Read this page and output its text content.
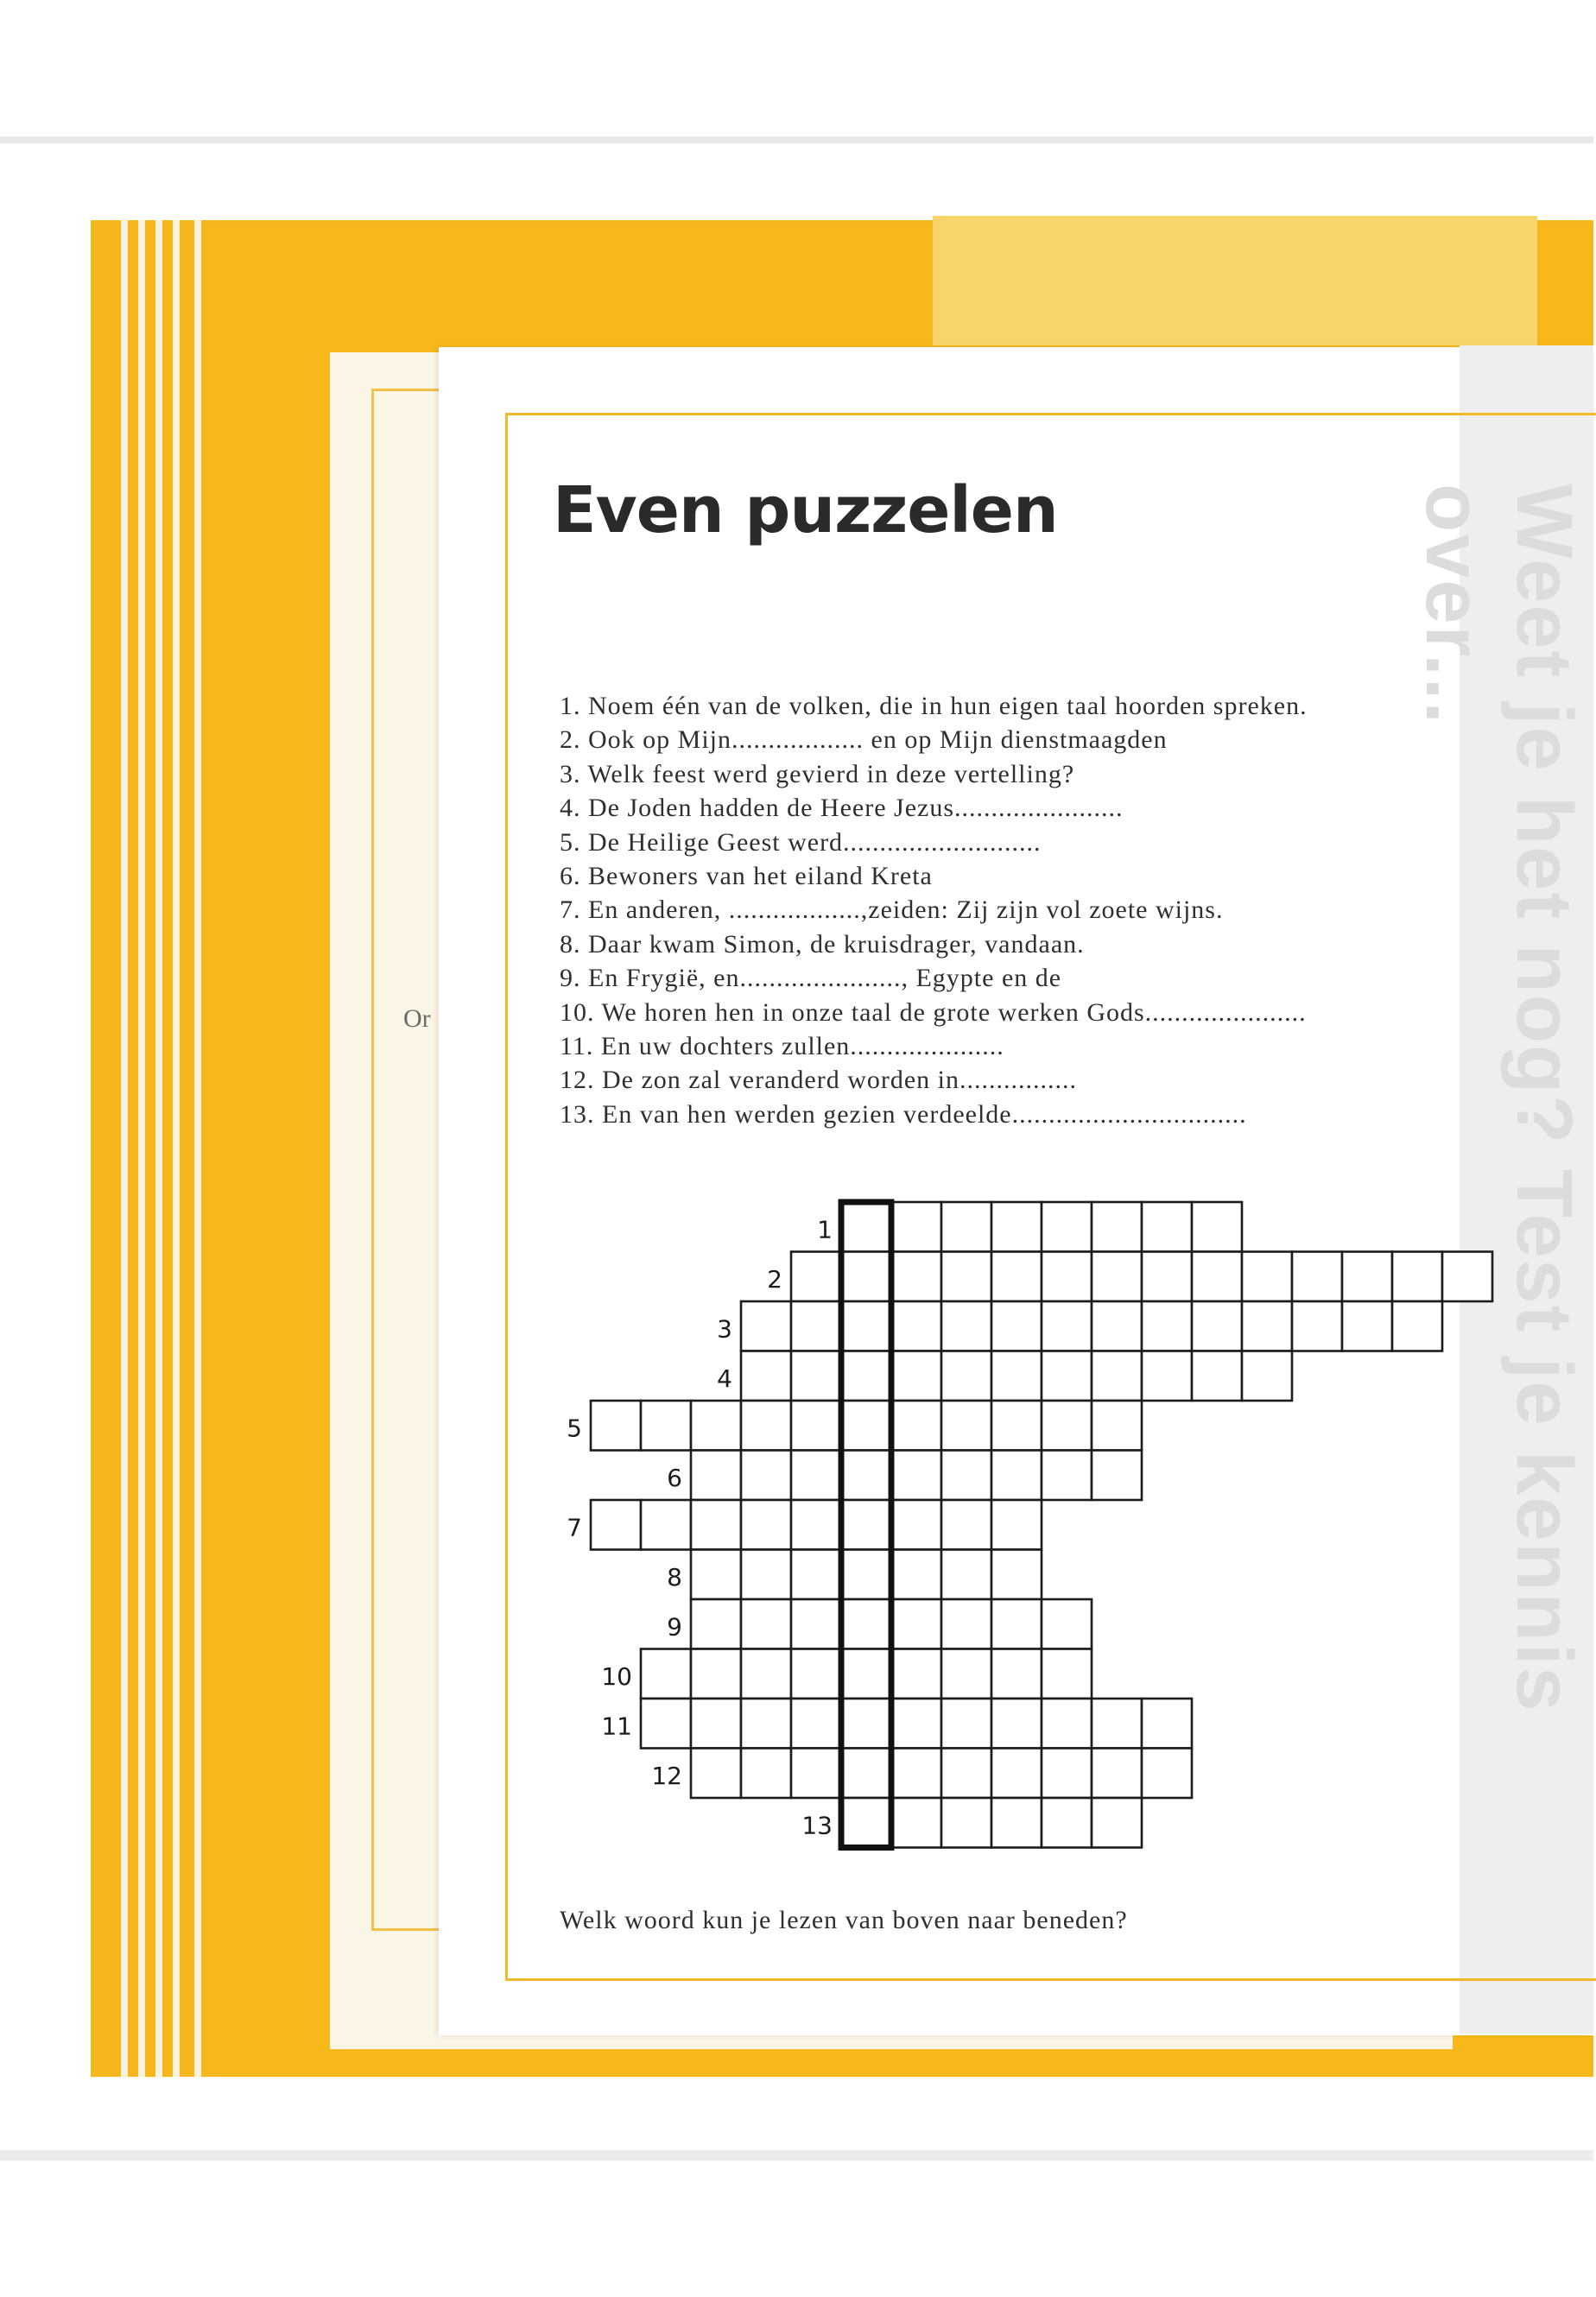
Or	Weet je het nog? Test je kennis over...
Even puzzelen
1. Noem één van de volken, die in hun eigen taal hoorden spreken.
2. Ook op Mijn.................. en op Mijn dienstmaagden
3. Welk feest werd gevierd in deze vertelling?
4. De Joden hadden de Heere Jezus.......................
5. De Heilige Geest werd...........................
6. Bewoners van het eiland Kreta
7. En anderen, ..................,zeiden: Zij zijn vol zoete wijns.
8. Daar kwam Simon, de kruisdrager, vandaan.
9. En Frygië, en......................, Egypte en de
10. We horen hen in onze taal de grote werken Gods......................
11. En uw dochters zullen.....................
12. De zon zal veranderd worden in................
13. En van hen werden gezien verdeelde................................
1
2
3
4
5
6
7
8
9
10
11
12
13
Welk woord kun je lezen van boven naar beneden?
